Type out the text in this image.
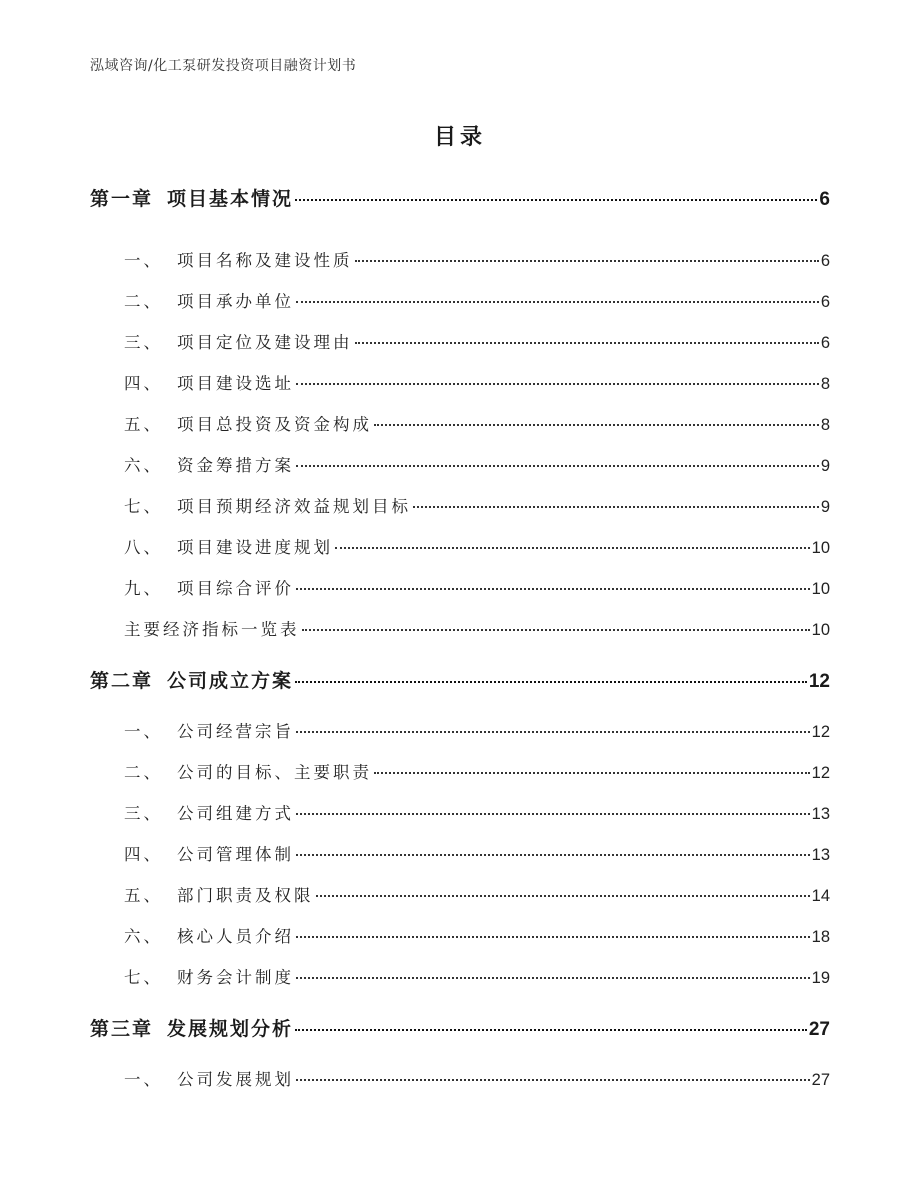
泓域咨询/化工泵研发投资项目融资计划书
目录
第一章 项目基本情况	6
一、 项目名称及建设性质	6
二、 项目承办单位	6
三、 项目定位及建设理由	6
四、 项目建设选址	8
五、 项目总投资及资金构成	8
六、 资金筹措方案	9
七、 项目预期经济效益规划目标	9
八、 项目建设进度规划	10
九、 项目综合评价	10
主要经济指标一览表	10
第二章 公司成立方案	12
一、 公司经营宗旨	12
二、 公司的目标、主要职责	12
三、 公司组建方式	13
四、 公司管理体制	13
五、 部门职责及权限	14
六、 核心人员介绍	18
七、 财务会计制度	19
第三章 发展规划分析	27
一、 公司发展规划	27
